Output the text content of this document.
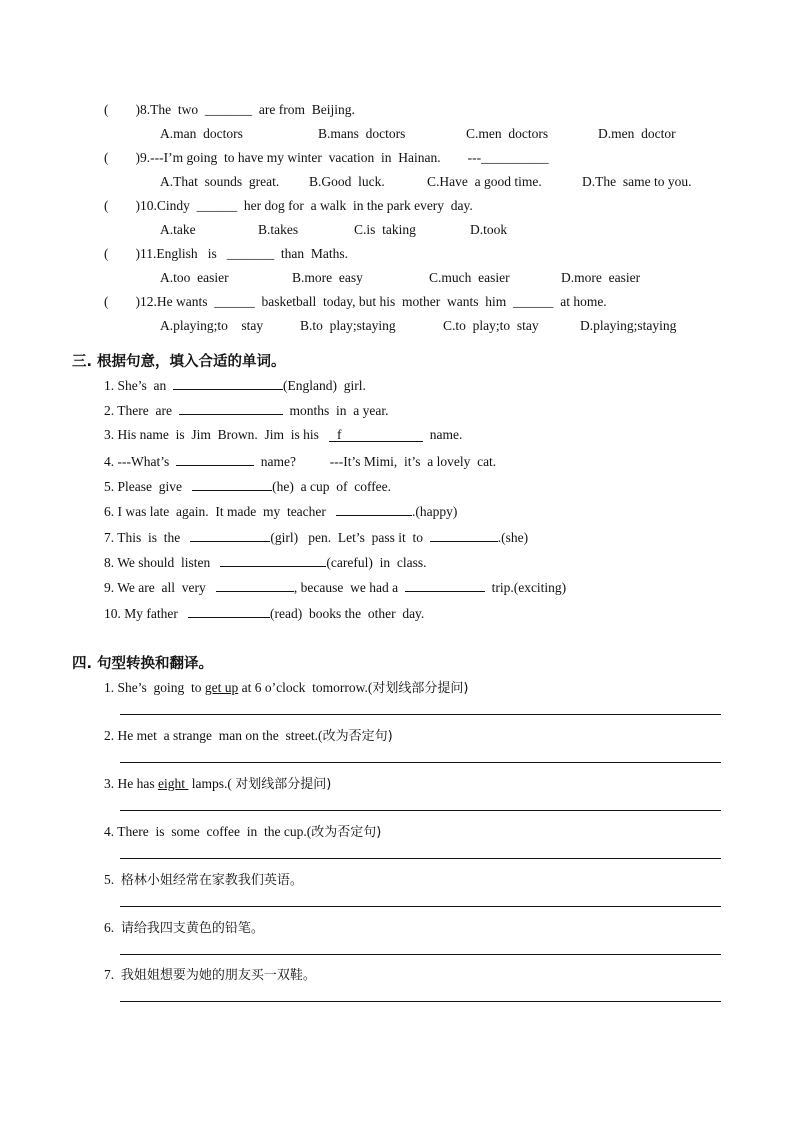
(        ) 8.The  two  _______  are from  Beijing.
A.man  doctors	B.mans  doctors	C.men  doctors	D.men  doctor
(        ) 9.---I’m going  to have my winter  vacation  in  Hainan.        ---__________
A.That  sounds  great. B.Good  luck.	C.Have  a good time.	D.The  same to you.
(        ) 10.Cindy  ______  her dog for  a walk  in the park every  day.
A.take	B.takes	C.is  taking	D.took
(        ) 11.English   is   _______  than  Maths.
A.too  easier	B.more  easy	C.much  easier	D.more  easier
(        ) 12.He wants  ______  basketball  today, but his  mother  wants  him  ______  at home.
A.playing;to    stay	B.to  play;staying	C.to  play;to  stay	D.playing;staying
三. 根据句意，填入合适的单词。
1. She’s  an	(England)  girl.
2. There  are	months  in  a year.
3. His name  is  Jim  Brown.  Jim  is his   f	name.
4. ---What’s	name?          ---It’s Mimi,  it’s  a lovely  cat.
5. Please  give	(he)  a cup  of  coffee.
6. I was late  again.  It made  my  teacher	.(happy)
7. This  is  the	(girl)   pen.  Let’s  pass it  to	.(she)
8. We should  listen	(careful)  in  class.
9. We are  all  very	, because  we had a	trip.(exciting)
10. My father	(read)  books the  other  day.
四. 句型转换和翻译。
1. She’s  going  to get up at 6 o’clock  tomorrow.(对划线部分提问)
2. He met  a strange  man on the  street.(改为否定句)
3. He has eight  lamps.( 对划线部分提问)
4. There  is  some  coffee  in  the cup.(改为否定句)
5.  格林小姐经常在家教我们英语。
6.  请给我四支黄色的铅笔。
7.  我姐姐想要为她的朋友买一双鞋。
